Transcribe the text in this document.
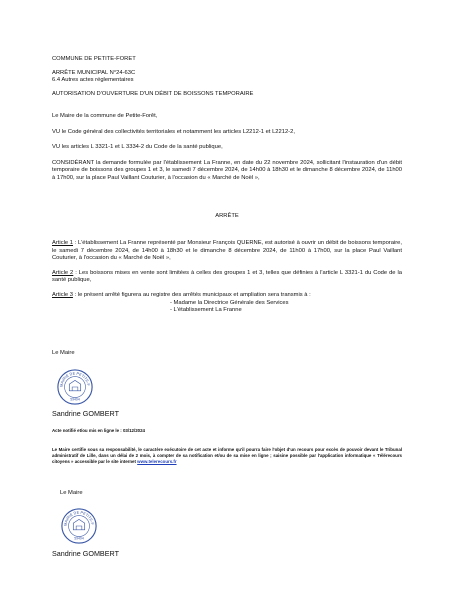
COMMUNE DE PETITE-FORET

ARRÊTE MUNICIPAL N°24-63C

6.4 Autres actes réglementaires

AUTORISATION D'OUVERTURE D'UN DÉBIT DE BOISSONS TEMPORAIRE

Le Maire de la commune de Petite-Forêt,

VU le Code général des collectivités territoriales et notamment les articles L2212-1 et L2212-2,

VU les articles L 3321-1 et L 3334-2 du Code de la santé publique,

CONSIDÉRANT la demande formulée par l'établissement La Franne, en date du 22 novembre 2024, sollicitant l'instauration d'un débit temporaire de boissons des groupes 1 et 3, le samedi 7 décembre 2024, de 14h00 à 18h30 et le dimanche 8 décembre 2024, de 11h00 à 17h00, sur la place Paul Vaillant Couturier, à l'occasion du « Marché de Noël »,

ARRÊTE

Article 1 : L'établissement La Franne représenté par Monsieur François QUERNE, est autorisé à ouvrir un débit de boissons temporaire, le samedi 7 décembre 2024, de 14h00 à 18h30 et le dimanche 8 décembre 2024, de 11h00 à 17h00, sur la place Paul Vaillant Couturier, à l'occasion du « Marché de Noël »,

Article 2 : Les boissons mises en vente sont limitées à celles des groupes 1 et 3, telles que définies à l'article L 3321-1 du Code de la santé publique,

Article 3 : le présent arrêté figurera au registre des arrêtés municipaux et ampliation sera transmis à :

- Madame la Directrice Générale des Services

- L'établissement La Franne

Le Maire

MAIRIE DE PETITE-F
59494

Sandrine GOMBERT

Acte notifié et/ou mis en ligne le : 03/12/2024

Le Maire certifie sous sa responsabilité, le caractère exécutoire de cet acte et informe qu'il pourra faire l'objet d'un recours pour excès de pouvoir devant le Tribunal administratif de Lille, dans un délai de 2 mois, à compter de sa notification et/ou de sa mise en ligne ; saisine possible par l'application informatique « Télérecours citoyens » accessible par le site internet www.telerecours.fr

Le Maire

MAIRIE DE PETITE-F
59494

Sandrine GOMBERT
